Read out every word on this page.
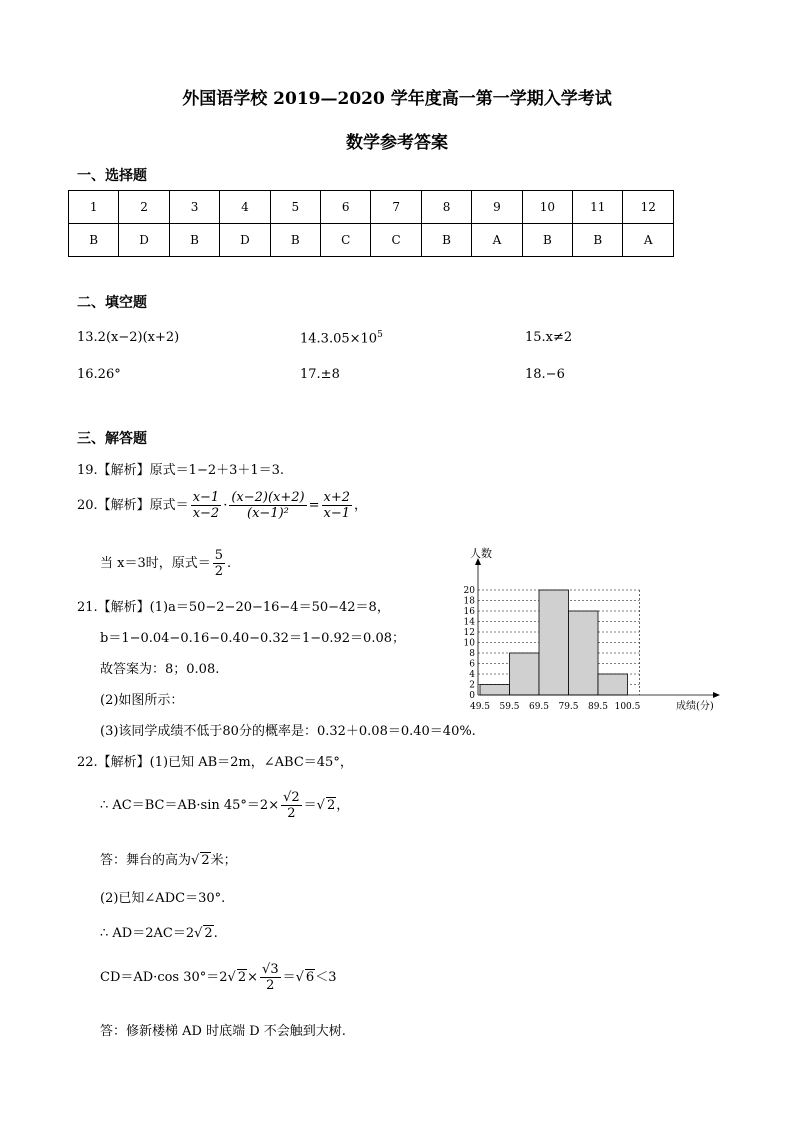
外国语学校 2019—2020 学年度高一第一学期入学考试
数学参考答案
一、选择题
1	2	3	4	5	6	7	8	9	10	11	12
B	D	B	D	B	C	C	B	A	B	B	A
二、填空题
13.2(x−2)(x+2)	$14.3.05\times 10^5$	15.x≠2
16.26°	17.±8	18.−6
三、解答题
19.【解析】原式＝1−2＋3＋1＝3.
20.【解析】原式＝ $\frac{x-1}{x-2} \cdot \frac{(x-2)(x+2)}{\text{(x−1)²}} = \frac{x+2}{x-1}$ ，
当 x＝3时，原式＝ $\frac{5}{2}$ .
21.【解析】(1)a＝50−2−20−16−4＝50−42＝8，
b＝1−0.04−0.16−0.40−0.32＝1−0.92＝0.08；
故答案为：8；0.08.
(2)如图所示：
(3)该同学成绩不低于80分的概率是：0.32＋0.08＝0.40＝40%.
0
2
4
6
8
10
12
14
16
18
20
49.5 59.5 69.5 79.5 89.5 100.5
人数
成绩(分)
22.【解析】(1)已知 AB＝2m，∠ABC＝45°，
∴ AC＝BC＝AB·sin $45^\circ=2\times \frac{√2}{2}$ ＝√ 2，
答：舞台的高为√ 2米；
(2)已知∠ADC＝30°.
∴ AD＝2AC＝2√ 2.
CD＝AD·cos 30°＝2√ $2\times \frac{√3}{2}$ ＝√ 6＜3
答：修新楼梯 AD 时底端 D 不会触到大树.
